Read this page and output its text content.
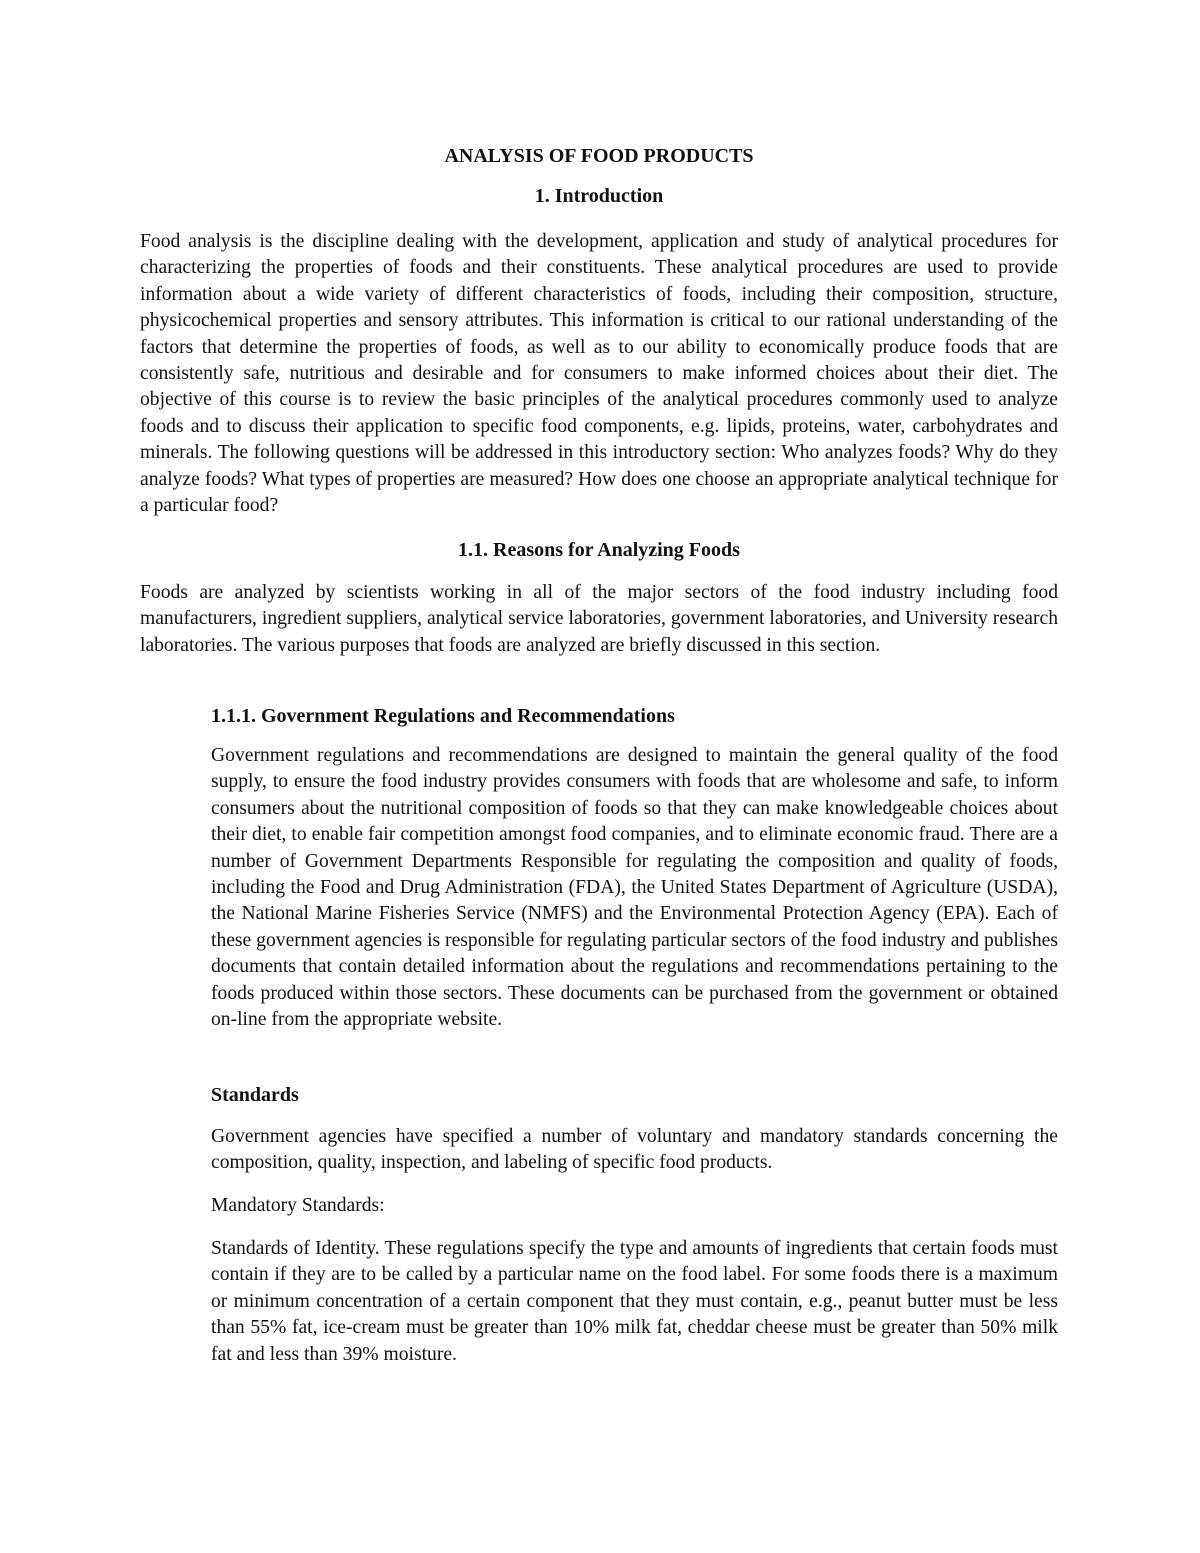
ANALYSIS OF FOOD PRODUCTS
1. Introduction

Food analysis is the discipline dealing with the development, application and study of analytical procedures for characterizing the properties of foods and their constituents. These analytical procedures are used to provide information about a wide variety of different characteristics of foods, including their composition, structure, physicochemical properties and sensory attributes. This information is critical to our rational understanding of the factors that determine the properties of foods, as well as to our ability to economically produce foods that are consistently safe, nutritious and desirable and for consumers to make informed choices about their diet. The objective of this course is to review the basic principles of the analytical procedures commonly used to analyze foods and to discuss their application to specific food components, e.g. lipids, proteins, water, carbohydrates and minerals. The following questions will be addressed in this introductory section: Who analyzes foods? Why do they analyze foods? What types of properties are measured? How does one choose an appropriate analytical technique for a particular food?

1.1. Reasons for Analyzing Foods

Foods are analyzed by scientists working in all of the major sectors of the food industry including food manufacturers, ingredient suppliers, analytical service laboratories, government laboratories, and University research laboratories. The various purposes that foods are analyzed are briefly discussed in this section.

1.1.1. Government Regulations and Recommendations

Government regulations and recommendations are designed to maintain the general quality of the food supply, to ensure the food industry provides consumers with foods that are wholesome and safe, to inform consumers about the nutritional composition of foods so that they can make knowledgeable choices about their diet, to enable fair competition amongst food companies, and to eliminate economic fraud. There are a number of Government Departments Responsible for regulating the composition and quality of foods, including the Food and Drug Administration (FDA), the United States Department of Agriculture (USDA), the National Marine Fisheries Service (NMFS) and the Environmental Protection Agency (EPA). Each of these government agencies is responsible for regulating particular sectors of the food industry and publishes documents that contain detailed information about the regulations and recommendations pertaining to the foods produced within those sectors. These documents can be purchased from the government or obtained on-line from the appropriate website.

Standards

Government agencies have specified a number of voluntary and mandatory standards concerning the composition, quality, inspection, and labeling of specific food products.

Mandatory Standards:

Standards of Identity. These regulations specify the type and amounts of ingredients that certain foods must contain if they are to be called by a particular name on the food label. For some foods there is a maximum or minimum concentration of a certain component that they must contain, e.g., peanut butter must be less than 55% fat, ice-cream must be greater than 10% milk fat, cheddar cheese must be greater than 50% milk fat and less than 39% moisture.
